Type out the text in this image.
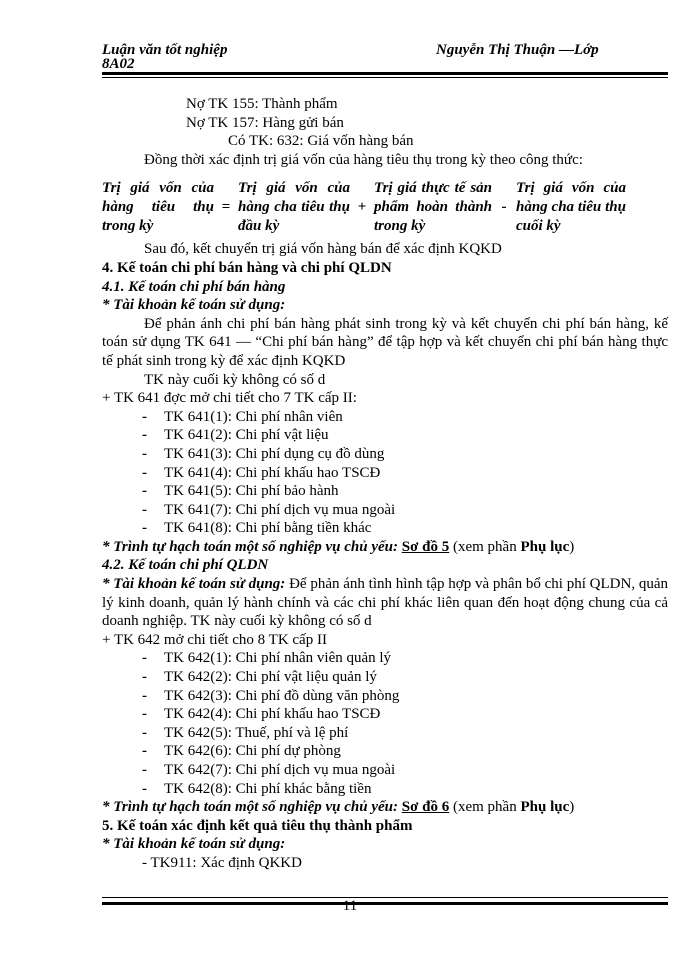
Luận văn tốt nghiệp	Nguyễn Thị Thuận —Lớp
8A02
Nợ TK 155: Thành phẩm
Nợ TK 157: Hàng gửi bán
Có TK: 632: Giá vốn hàng bán
Đồng thời xác định trị giá vốn của hàng tiêu thụ trong kỳ theo công thức:
Trị giá vốn của hàng tiêu thụ trong kỳ
=
Trị giá vốn của hàng cha tiêu thụ đầu kỳ
+
Trị giá thực tế sản phẩm hoàn thành trong kỳ
-
Trị giá vốn của hàng cha tiêu thụ cuối kỳ
Sau đó, kết chuyển trị giá vốn hàng bán để xác định KQKD
4. Kế toán chi phí bán hàng và chi phí QLDN
4.1. Kế toán chi phí bán hàng
* Tài khoản kế toán sử dụng:
Để phản ánh chi phí bán hàng phát sinh trong kỳ và kết chuyển chi phí bán hàng, kế toán sử dụng TK 641 — “Chi phí bán hàng” để tập hợp và kết chuyển chi phí bán hàng thực tế phát sinh trong kỳ để xác định KQKD
TK này cuối kỳ không có số d
+ TK 641 đợc mở chi tiết cho 7 TK cấp II:
- TK 641(1): Chi phí nhân viên
- TK 641(2): Chi phí vật liệu
- TK 641(3): Chi phí dụng cụ đồ dùng
- TK 641(4): Chi phí khấu hao TSCĐ
- TK 641(5): Chi phí bảo hành
- TK 641(7): Chi phí dịch vụ mua ngoài
- TK 641(8): Chi phí bằng tiền khác
* Trình tự hạch toán một số nghiệp vụ chủ yếu: Sơ đồ 5 (xem phần Phụ lục)
4.2. Kế toán chi phí QLDN
* Tài khoản kế toán sử dụng: Để phản ánh tình hình tập hợp và phân bổ chi phí QLDN, quản lý kinh doanh, quản lý hành chính và các chi phí khác liên quan đến hoạt động chung của cả doanh nghiệp. TK này cuối kỳ không có số d
+ TK 642 mở chi tiết cho 8 TK cấp II
- TK 642(1): Chi phí nhân viên quản lý
- TK 642(2): Chi phí vật liệu quản lý
- TK 642(3): Chi phí đồ dùng văn phòng
- TK 642(4): Chi phí khấu hao TSCĐ
- TK 642(5): Thuế, phí và lệ phí
- TK 642(6): Chi phí dự phòng
- TK 642(7): Chi phí dịch vụ mua ngoài
- TK 642(8): Chi phí khác bằng tiền
* Trình tự hạch toán một số nghiệp vụ chủ yếu: Sơ đồ 6 (xem phần Phụ lục)
5. Kế toán xác định kết quả tiêu thụ thành phẩm
* Tài khoản kế toán sử dụng:
- TK911: Xác định QKKD
11
